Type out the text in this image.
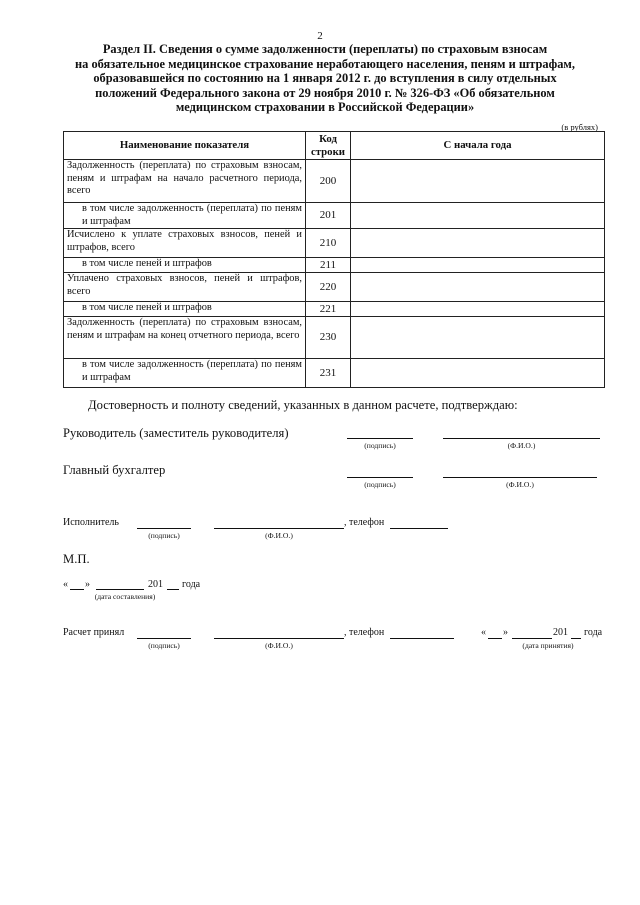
2
Раздел II. Сведения о сумме задолженности (переплаты) по страховым взносам
на обязательное медицинское страхование неработающего населения, пеням и штрафам,
образовавшейся по состоянию на 1 января 2012 г. до вступления в силу отдельных
положений Федерального закона от 29 ноября 2010 г. № 326-ФЗ «Об обязательном
медицинском страховании в Российской Федерации»
(в рублях)
Наименование показателя	Код строки	С начала года
Задолженность (переплата) по страховым взносам, пеням и штрафам на начало расчетного периода, всего	200	
в том числе задолженность (переплата) по пеням и штрафам	201	
Исчислено к уплате страховых взносов, пеней и штрафов, всего	210	
в том числе пеней и штрафов	211	
Уплачено страховых взносов, пеней и штрафов, всего	220	
в том числе пеней и штрафов	221	
Задолженность (переплата) по страховым взносам, пеням и штрафам на конец отчетного периода, всего	230	
в том числе задолженность (переплата) по пеням и штрафам	231	
Достоверность и полноту сведений, указанных в данном расчете, подтверждаю:
Руководитель (заместитель руководителя)
(подпись)	(Ф.И.О.)
Главный бухгалтер
(подпись)	(Ф.И.О.)
Исполнитель	, телефон
(подпись)	(Ф.И.О.)
М.П.
« »	201 года
(дата составления)
Расчет принял	, телефон
(подпись)	(Ф.И.О.)
« »	201 года
(дата принятия)
